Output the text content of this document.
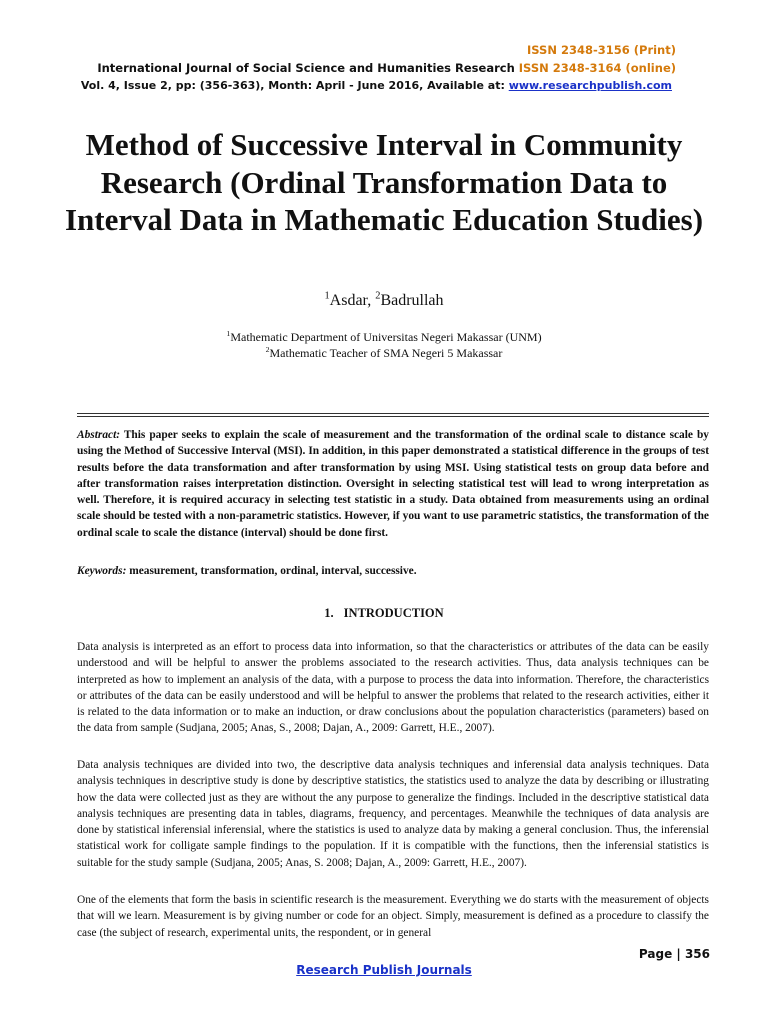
ISSN 2348-3156 (Print)
International Journal of Social Science and Humanities Research ISSN 2348-3164 (online)
Vol. 4, Issue 2, pp: (356-363), Month: April - June 2016, Available at: www.researchpublish.com
Method of Successive Interval in Community Research (Ordinal Transformation Data to Interval Data in Mathematic Education Studies)
$^1$Asdar, $^2$Badrullah
$^1$Mathematic Department of Universitas Negeri Makassar (UNM)
$^2$Mathematic Teacher of SMA Negeri 5 Makassar
Abstract: This paper seeks to explain the scale of measurement and the transformation of the ordinal scale to distance scale by using the Method of Successive Interval (MSI). In addition, in this paper demonstrated a statistical difference in the groups of test results before the data transformation and after transformation by using MSI. Using statistical tests on group data before and after transformation raises interpretation distinction. Oversight in selecting statistical test will lead to wrong interpretation as well. Therefore, it is required accuracy in selecting test statistic in a study. Data obtained from measurements using an ordinal scale should be tested with a non-parametric statistics. However, if you want to use parametric statistics, the transformation of the ordinal scale to scale the distance (interval) should be done first.
Keywords: measurement, transformation, ordinal, interval, successive.
1. INTRODUCTION
Data analysis is interpreted as an effort to process data into information, so that the characteristics or attributes of the data can be easily understood and will be helpful to answer the problems associated to the research activities. Thus, data analysis techniques can be interpreted as how to implement an analysis of the data, with a purpose to process the data into information. Therefore, the characteristics or attributes of the data can be easily understood and will be helpful to answer the problems that related to the research activities, either it is related to the data information or to make an induction, or draw conclusions about the population characteristics (parameters) based on the data from sample (Sudjana, 2005; Anas, S., 2008; Dajan, A., 2009: Garrett, H.E., 2007).
Data analysis techniques are divided into two, the descriptive data analysis techniques and inferensial data analysis techniques. Data analysis techniques in descriptive study is done by descriptive statistics, the statistics used to analyze the data by describing or illustrating how the data were collected just as they are without the any purpose to generalize the findings. Included in the descriptive statistical data analysis techniques are presenting data in tables, diagrams, frequency, and percentages. Meanwhile the techniques of data analysis are done by statistical inferensial inferensial, where the statistics is used to analyze data by making a general conclusion. Thus, the inferensial statistical work for colligate sample findings to the population. If it is compatible with the functions, then the inferensial statistics is suitable for the study sample (Sudjana, 2005; Anas, S. 2008; Dajan, A., 2009: Garrett, H.E., 2007).
One of the elements that form the basis in scientific research is the measurement. Everything we do starts with the measurement of objects that will we learn. Measurement is by giving number or code for an object. Simply, measurement is defined as a procedure to classify the case (the subject of research, experimental units, the respondent, or in general
Page | 356
Research Publish Journals
